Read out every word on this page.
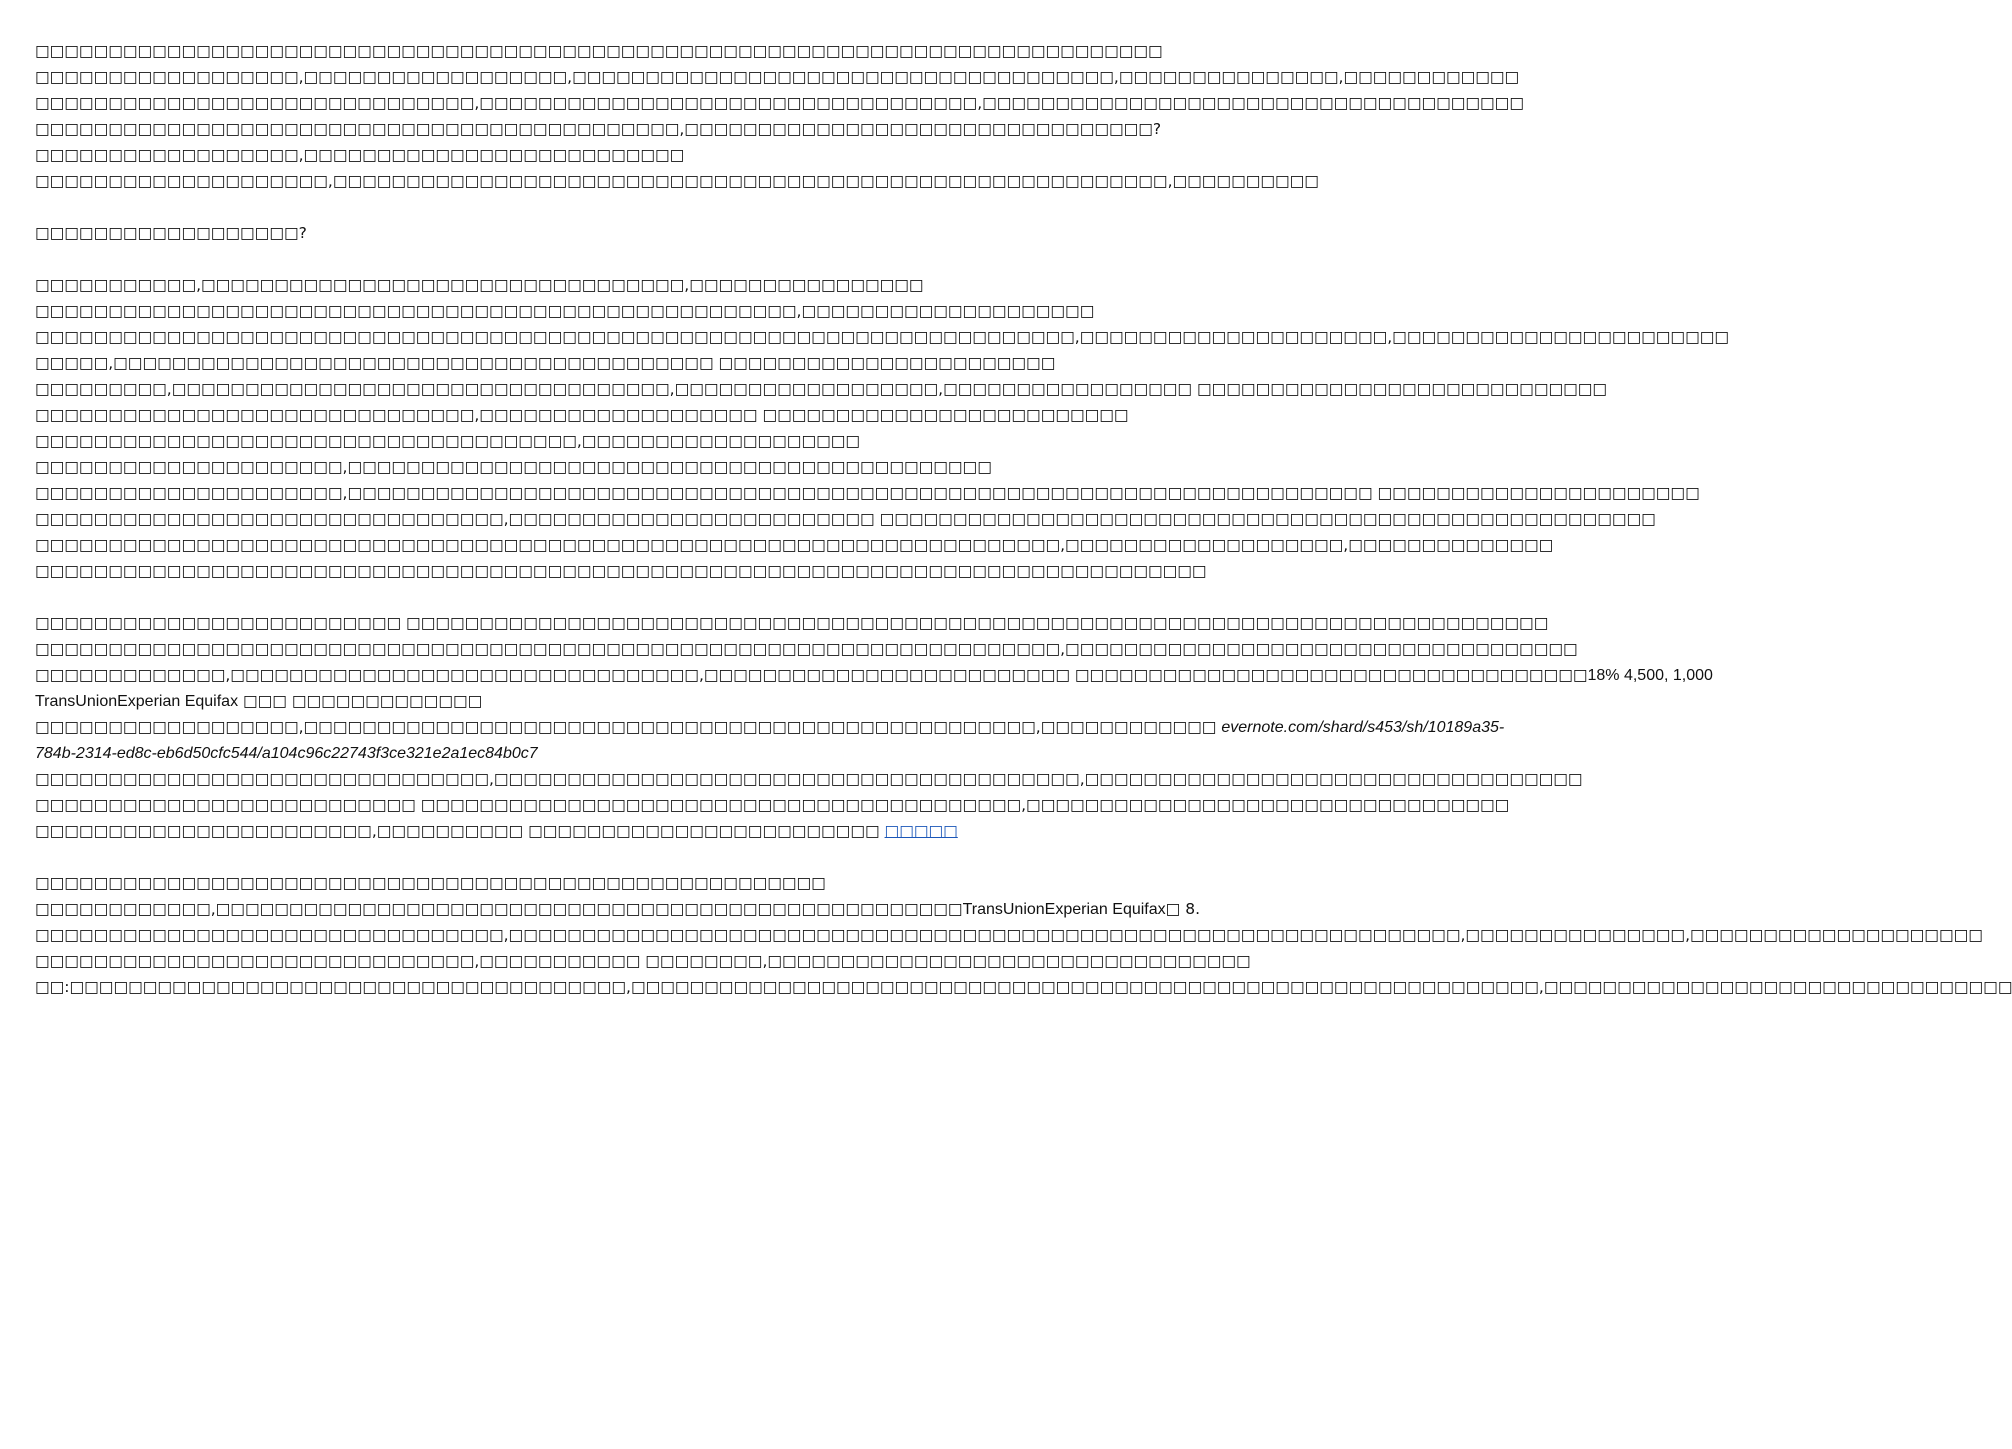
□□□□□□□□□□□□□□□□□□□□□□□□□□□□□□□□□□□□□□□□□□□□□□□□□□□□□□□□□□□□□□□□□□□□□□□□□□□□□
□□□□□□□□□□□□□□□□□□,□□□□□□□□□□□□□□□□□□,□□□□□□□□□□□□□□□□□□□□□□□□□□□□□□□□□□□□□,□□□□□□□□□□□□□□□,□□□□□□□□□□□□
□□□□□□□□□□□□□□□□□□□□□□□□□□□□□□,□□□□□□□□□□□□□□□□□□□□□□□□□□□□□□□□□□,□□□□□□□□□□□□□□□□□□□□□□□□□□□□□□□□□□□□□
□□□□□□□□□□□□□□□□□□□□□□□□□□□□□□□□□□□□□□□□□□□□,□□□□□□□□□□□□□□□□□□□□□□□□□□□□□□□□?
□□□□□□□□□□□□□□□□□□,□□□□□□□□□□□□□□□□□□□□□□□□□□
□□□□□□□□□□□□□□□□□□□□,□□□□□□□□□□□□□□□□□□□□□□□□□□□□□□□□□□□□□□□□□□□□□□□□□□□□□□□□□,□□□□□□□□□□
□□□□□□□□□□□□□□□□□□?
□□□□□□□□□□□,□□□□□□□□□□□□□□□□□□□□□□□□□□□□□□□□□,□□□□□□□□□□□□□□□□
□□□□□□□□□□□□□□□□□□□□□□□□□□□□□□□□□□□□□□□□□□□□□□□□□□□□,□□□□□□□□□□□□□□□□□□□□
□□□□□□□□□□□□□□□□□□□□□□□□□□□□□□□□□□□□□□□□□□□□□□□□□□□□□□□□□□□□□□□□□□□□□□□,□□□□□□□□□□□□□□□□□□□□□,□□□□□□□□□□□□□□□□□□□□□□□
□□□□□,□□□□□□□□□□□□□□□□□□□□□□□□□□□□□□□□□□□□□□□□□ □□□□□□□□□□□□□□□□□□□□□□□
□□□□□□□□□,□□□□□□□□□□□□□□□□□□□□□□□□□□□□□□□□□□,□□□□□□□□□□□□□□□□□□,□□□□□□□□□□□□□□□□□ □□□□□□□□□□□□□□□□□□□□□□□□□□□□
□□□□□□□□□□□□□□□□□□□□□□□□□□□□□□,□□□□□□□□□□□□□□□□□□□ □□□□□□□□□□□□□□□□□□□□□□□□□
□□□□□□□□□□□□□□□□□□□□□□□□□□□□□□□□□□□□□,□□□□□□□□□□□□□□□□□□□
□□□□□□□□□□□□□□□□□□□□□,□□□□□□□□□□□□□□□□□□□□□□□□□□□□□□□□□□□□□□□□□□□□
□□□□□□□□□□□□□□□□□□□□□,□□□□□□□□□□□□□□□□□□□□□□□□□□□□□□□□□□□□□□□□□□□□□□□□□□□□□□□□□□□□□□□□□□□□□□ □□□□□□□□□□□□□□□□□□□□□□
□□□□□□□□□□□□□□□□□□□□□□□□□□□□□□□□,□□□□□□□□□□□□□□□□□□□□□□□□□ □□□□□□□□□□□□□□□□□□□□□□□□□□□□□□□□□□□□□□□□□□□□□□□□□□□□□
□□□□□□□□□□□□□□□□□□□□□□□□□□□□□□□□□□□□□□□□□□□□□□□□□□□□□□□□□□□□□□□□□□□□□□,□□□□□□□□□□□□□□□□□□□,□□□□□□□□□□□□□□
□□□□□□□□□□□□□□□□□□□□□□□□□□□□□□□□□□□□□□□□□□□□□□□□□□□□□□□□□□□□□□□□□□□□□□□□□□□□□□□□
□□□□□□□□□□□□□□□□□□□□□□□□□ □□□□□□□□□□□□□□□□□□□□□□□□□□□□□□□□□□□□□□□□□□□□□□□□□□□□□□□□□□□□□□□□□□□□□□□□□□□□□□
□□□□□□□□□□□□□□□□□□□□□□□□□□□□□□□□□□□□□□□□□□□□□□□□□□□□□□□□□□□□□□□□□□□□□□,□□□□□□□□□□□□□□□□□□□□□□□□□□□□□□□□□□□
□□□□□□□□□□□□□,□□□□□□□□□□□□□□□□□□□□□□□□□□□□□□□□,□□□□□□□□□□□□□□□□□□□□□□□□□ □□□□□□□□□□□□□□□□□□□□□□□□□□□□□□□□□□□18% 4,500, 1,000
TransUnionExperian Equifax □□□ □□□□□□□□□□□□□
□□□□□□□□□□□□□□□□□□,□□□□□□□□□□□□□□□□□□□□□□□□□□□□□□□□□□□□□□□□□□□□□□□□□□,□□□□□□□□□□□□ evernote.com/shard/s453/sh/10189a35-
784b-2314-ed8c-eb6d50cfc544/a104c96c22743f3ce321e2a1ec84b0c7
□□□□□□□□□□□□□□□□□□□□□□□□□□□□□□□,□□□□□□□□□□□□□□□□□□□□□□□□□□□□□□□□□□□□□□□□,□□□□□□□□□□□□□□□□□□□□□□□□□□□□□□□□□□
□□□□□□□□□□□□□□□□□□□□□□□□□□ □□□□□□□□□□□□□□□□□□□□□□□□□□□□□□□□□□□□□□□□□,□□□□□□□□□□□□□□□□□□□□□□□□□□□□□□□□□
□□□□□□□□□□□□□□□□□□□□□□□,□□□□□□□□□□ □□□□□□□□□□□□□□□□□□□□□□□□ □□□□□
□□□□□□□□□□□□□□□□□□□□□□□□□□□□□□□□□□□□□□□□□□□□□□□□□□□□□□
□□□□□□□□□□□□,□□□□□□□□□□□□□□□□□□□□□□□□□□□□□□□□□□□□□□□□□□□□□□□□□□□TransUnionExperian Equifax□ 8.
□□□□□□□□□□□□□□□□□□□□□□□□□□□□□□□□,□□□□□□□□□□□□□□□□□□□□□□□□□□□□□□□□□□□□□□□□□□□□□□□□□□□□□□□□□□□□□□□□□,□□□□□□□□□□□□□□□,□□□□□□□□□□□□□□□□□□□□
□□□□□□□□□□□□□□□□□□□□□□□□□□□□□□,□□□□□□□□□□□ □□□□□□□□,□□□□□□□□□□□□□□□□□□□□□□□□□□□□□□□□□
□□:□□□□□□□□□□□□□□□□□□□□□□□□□□□□□□□□□□□□□□,□□□□□□□□□□□□□□□□□□□□□□□□□□□□□□□□□□□□□□□□□□□□□□□□□□□□□□□□□□□□□□,□□□□□□□□□□□□□□□□□□□□□□□□□□□□□□□□
